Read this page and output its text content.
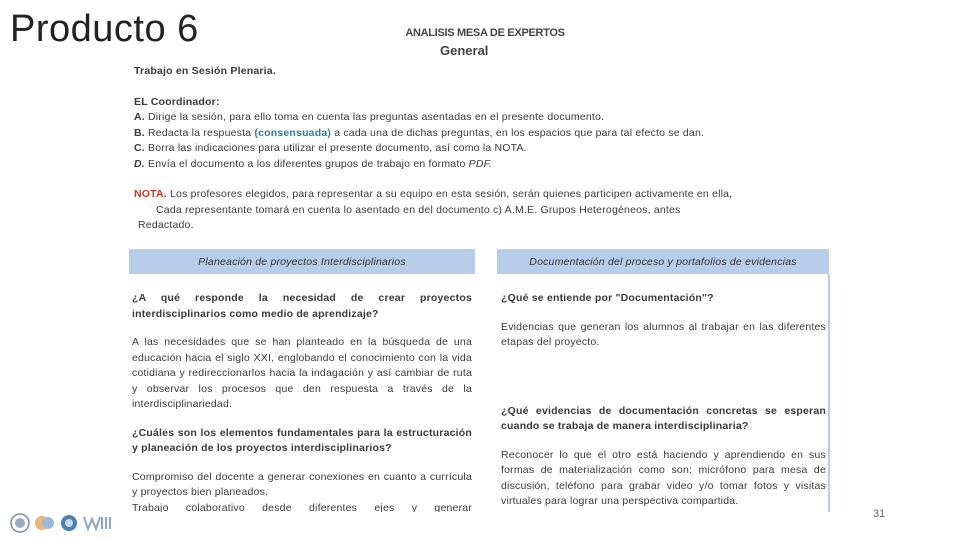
Producto 6	ANALISIS MESA DE EXPERTOS
General

Trabajo en Sesión Plenaria.

EL Coordinador:

A. Dirige la sesión, para ello toma en cuenta las preguntas asentadas en el presente documento.

B. Redacta la respuesta (consensuada) a cada una de dichas preguntas, en los espacios que para tal efecto se dan.

C. Borra las indicaciones para utilizar el presente documento, así como la NOTA.

D. Envía el documento a los diferentes grupos de trabajo en formato PDF.

NOTA. Los profesores elegidos, para representar a su equipo en esta sesión, serán quienes participen activamente en ella,

Cada representante tomará en cuenta lo asentado en del documento c) A.M.E. Grupos Heterogéneos, antes

Redactado.

Planeación de proyectos Interdisciplinarios	Documentación del proceso y portafolios de evidencias

¿A qué responde la necesidad de crear proyectos interdisciplinarios como medio de aprendizaje?

A las necesidades que se han planteado en la búsqueda de una educación hacia el siglo XXI, englobando el conocimiento con la vida cotidiana y redireccionarlos hacia la indagación y así cambiar de ruta y observar los procesos que den respuesta a través de la interdisciplinariedad.

¿Cuáles son los elementos fundamentales para la estructuración y planeación de los proyectos interdisciplinarios?

Compromiso del docente a generar conexiones en cuanto a currícula y proyectos bien planeados.

Trabajo colaborativo desde diferentes ejes y generar

¿Qué se entiende por "Documentación"?

Evidencias que generan los alumnos al trabajar en las diferentes etapas del proyecto.

¿Qué evidencias de documentación concretas se esperan cuando se trabaja de manera interdisciplinaria?

Reconocer lo que el otro está haciendo y aprendiendo en sus formas de materialización como son: micrófono para mesa de discusión, teléfono para grabar video y/o tomar fotos y visitas virtuales para lograr una perspectiva compartida.

31
